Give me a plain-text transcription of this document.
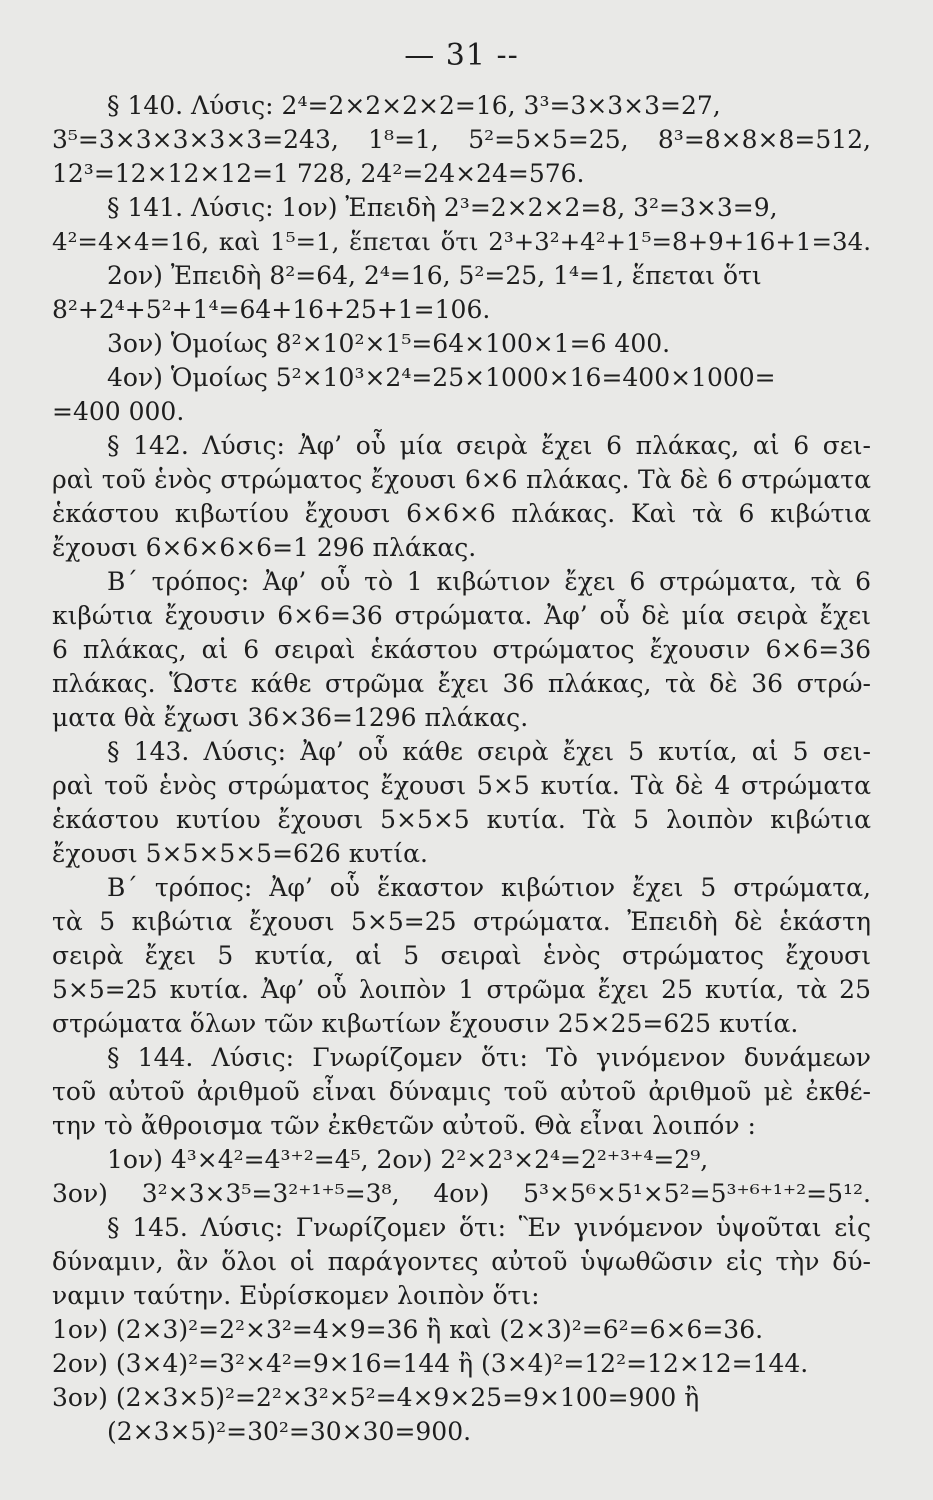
— 31 --
§ 140. Λύσις: 2⁴=2×2×2×2=16, 3³=3×3×3=27,
3⁵=3×3×3×3×3=243, 1⁸=1, 5²=5×5=25, 8³=8×8×8=512,
12³=12×12×12=1 728, 24²=24×24=576.
§ 141. Λύσις: 1ον) Ἐπειδὴ 2³=2×2×2=8, 3²=3×3=9,
4²=4×4=16, καὶ 1⁵=1, ἕπεται ὅτι 2³+3²+4²+1⁵=8+9+16+1=34.
2ον) Ἐπειδὴ 8²=64, 2⁴=16, 5²=25, 1⁴=1, ἕπεται ὅτι
8²+2⁴+5²+1⁴=64+16+25+1=106.
3ον) Ὁμοίως 8²×10²×1⁵=64×100×1=6 400.
4ον) Ὁμοίως 5²×10³×2⁴=25×1000×16=400×1000=
=400 000.
§ 142. Λύσις: Ἀφ’ οὗ μία σειρὰ ἔχει 6 πλάκας, αἱ 6 σει-
ραὶ τοῦ ἑνὸς στρώματος ἔχουσι 6×6 πλάκας. Τὰ δὲ 6 στρώματα
ἑκάστου κιβωτίου ἔχουσι 6×6×6 πλάκας. Καὶ τὰ 6 κιβώτια
ἔχουσι 6×6×6×6=1 296 πλάκας.
Β΄ τρόπος: Ἀφ’ οὗ τὸ 1 κιβώτιον ἔχει 6 στρώματα, τὰ 6
κιβώτια ἔχουσιν 6×6=36 στρώματα. Ἀφ’ οὗ δὲ μία σειρὰ ἔχει
6 πλάκας, αἱ 6 σειραὶ ἑκάστου στρώματος ἔχουσιν 6×6=36
πλάκας. Ὥστε κάθε στρῶμα ἔχει 36 πλάκας, τὰ δὲ 36 στρώ-
ματα θὰ ἔχωσι 36×36=1296 πλάκας.
§ 143. Λύσις: Ἀφ’ οὗ κάθε σειρὰ ἔχει 5 κυτία, αἱ 5 σει-
ραὶ τοῦ ἑνὸς στρώματος ἔχουσι 5×5 κυτία. Τὰ δὲ 4 στρώματα
ἑκάστου κυτίου ἔχουσι 5×5×5 κυτία. Τὰ 5 λοιπὸν κιβώτια
ἔχουσι 5×5×5×5=626 κυτία.
Β΄ τρόπος: Ἀφ’ οὗ ἕκαστον κιβώτιον ἔχει 5 στρώματα,
τὰ 5 κιβώτια ἔχουσι 5×5=25 στρώματα. Ἐπειδὴ δὲ ἑκάστη
σειρὰ ἔχει 5 κυτία, αἱ 5 σειραὶ ἑνὸς στρώματος ἔχουσι
5×5=25 κυτία. Ἀφ’ οὗ λοιπὸν 1 στρῶμα ἔχει 25 κυτία, τὰ 25
στρώματα ὅλων τῶν κιβωτίων ἔχουσιν 25×25=625 κυτία.
§ 144. Λύσις: Γνωρίζομεν ὅτι: Τὸ γινόμενον δυνάμεων
τοῦ αὐτοῦ ἀριθμοῦ εἶναι δύναμις τοῦ αὐτοῦ ἀριθμοῦ μὲ ἐκθέ-
την τὸ ἄθροισμα τῶν ἐκθετῶν αὐτοῦ. Θὰ εἶναι λοιπόν :
1ον) 4³×4²=4³⁺²=4⁵, 2ον) 2²×2³×2⁴=2²⁺³⁺⁴=2⁹,
3ον) 3²×3×3⁵=3²⁺¹⁺⁵=3⁸, 4ον) 5³×5⁶×5¹×5²=5³⁺⁶⁺¹⁺²=5¹².
§ 145. Λύσις: Γνωρίζομεν ὅτι: Ἓν γινόμενον ὑψοῦται εἰς
δύναμιν, ἂν ὅλοι οἱ παράγοντες αὐτοῦ ὑψωθῶσιν εἰς τὴν δύ-
ναμιν ταύτην. Εὑρίσκομεν λοιπὸν ὅτι:
1ον) (2×3)²=2²×3²=4×9=36 ἢ καὶ (2×3)²=6²=6×6=36.
2ον) (3×4)²=3²×4²=9×16=144 ἢ (3×4)²=12²=12×12=144.
3ον) (2×3×5)²=2²×3²×5²=4×9×25=9×100=900 ἢ
(2×3×5)²=30²=30×30=900.
